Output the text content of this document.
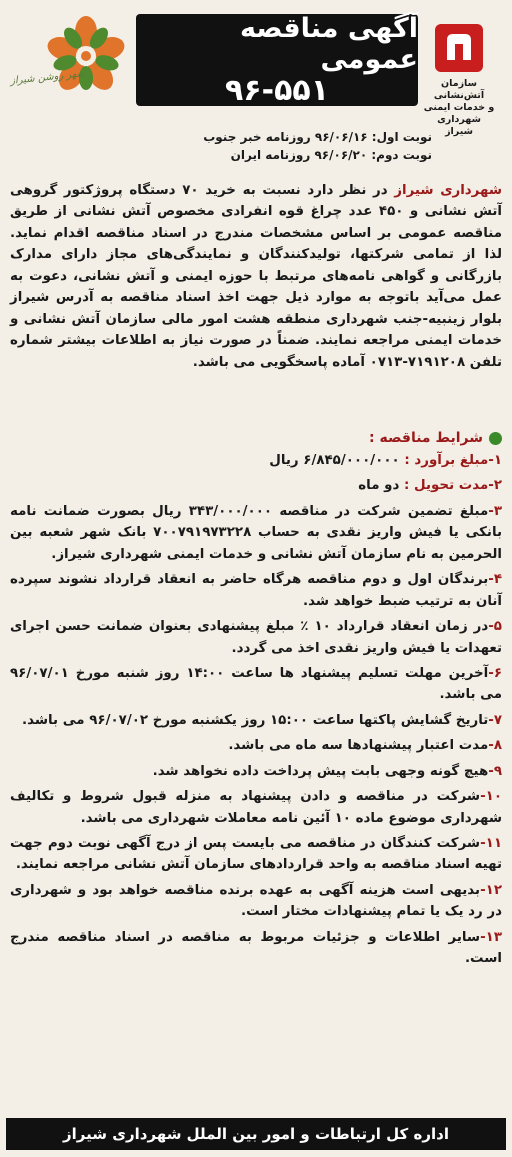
سازمان آتش‌نشانی
و خدمات ایمنی
شهرداری شیراز
آگهی مناقصه عمومی
۹۶-۵۵۱
شهر روشن شیراز
نوبت اول: ۹۶/۰۶/۱۶ روزنامه خبر جنوب
نوبت دوم: ۹۶/۰۶/۲۰ روزنامه ایران
شهرداری شیراز در نظر دارد نسبت به خرید ۷۰ دستگاه پروژکتور گروهی آتش نشانی و ۴۵۰ عدد چراغ قوه انفرادی مخصوص آتش نشانی از طریق مناقصه عمومی بر اساس مشخصات مندرج در اسناد مناقصه اقدام نماید. لذا از تمامی شرکتها، تولیدکنندگان و نمایندگی‌های مجاز دارای مدارک بازرگانی و گواهی نامه‌های مرتبط با حوزه ایمنی و آتش نشانی، دعوت به عمل می‌آید باتوجه به موارد ذیل جهت اخذ اسناد مناقصه به آدرس شیراز بلوار زینبیه-جنب شهرداری منطقه هشت امور مالی سازمان آتش نشانی و خدمات ایمنی مراجعه نمایند. ضمناً در صورت نیاز به اطلاعات بیشتر شماره تلفن ۷۱۹۱۲۰۸-۰۷۱۳ آماده پاسخگویی می باشد.
شرایط مناقصه :
۱-مبلغ برآورد : ۶/۸۴۵/۰۰۰/۰۰۰ ریال
۲-مدت تحویل : دو ماه
۳-مبلغ تضمین شرکت در مناقصه ۳۴۳/۰۰۰/۰۰۰ ریال بصورت ضمانت نامه بانکی یا فیش واریز نقدی به حساب ۷۰۰۷۹۱۹۷۳۲۲۸ بانک شهر شعبه بین الحرمین به نام سازمان آتش نشانی و خدمات ایمنی شهرداری شیراز.
۴-برندگان اول و دوم مناقصه هرگاه حاضر به انعقاد قرارداد نشوند سپرده آنان به ترتیب ضبط خواهد شد.
۵-در زمان انعقاد قرارداد ۱۰ ٪ مبلغ پیشنهادی بعنوان ضمانت حسن اجرای تعهدات یا فیش واریز نقدی اخذ می گردد.
۶-آخرین مهلت تسلیم پیشنهاد ها ساعت ۱۴:۰۰ روز شنبه مورخ ۹۶/۰۷/۰۱ می باشد.
۷-تاریخ گشایش پاکتها ساعت ۱۵:۰۰ روز یکشنبه مورخ ۹۶/۰۷/۰۲ می باشد.
۸-مدت اعتبار پیشنهادها سه ماه می باشد.
۹-هیچ گونه وجهی بابت پیش پرداخت داده نخواهد شد.
۱۰-شرکت در مناقصه و دادن پیشنهاد به منزله قبول شروط و تکالیف شهرداری موضوع ماده ۱۰ آئین نامه معاملات شهرداری می باشد.
۱۱-شرکت کنندگان در مناقصه می بایست پس از درج آگهی نوبت دوم جهت تهیه اسناد مناقصه به واحد قراردادهای سازمان آتش نشانی مراجعه نمایند.
۱۲-بدیهی است هزینه آگهی به عهده برنده مناقصه خواهد بود و شهرداری در رد یک یا تمام پیشنهادات مختار است.
۱۳-سایر اطلاعات و جزئیات مربوط به مناقصه در اسناد مناقصه مندرج است.
اداره کل ارتباطات و امور بین الملل شهرداری شیراز
